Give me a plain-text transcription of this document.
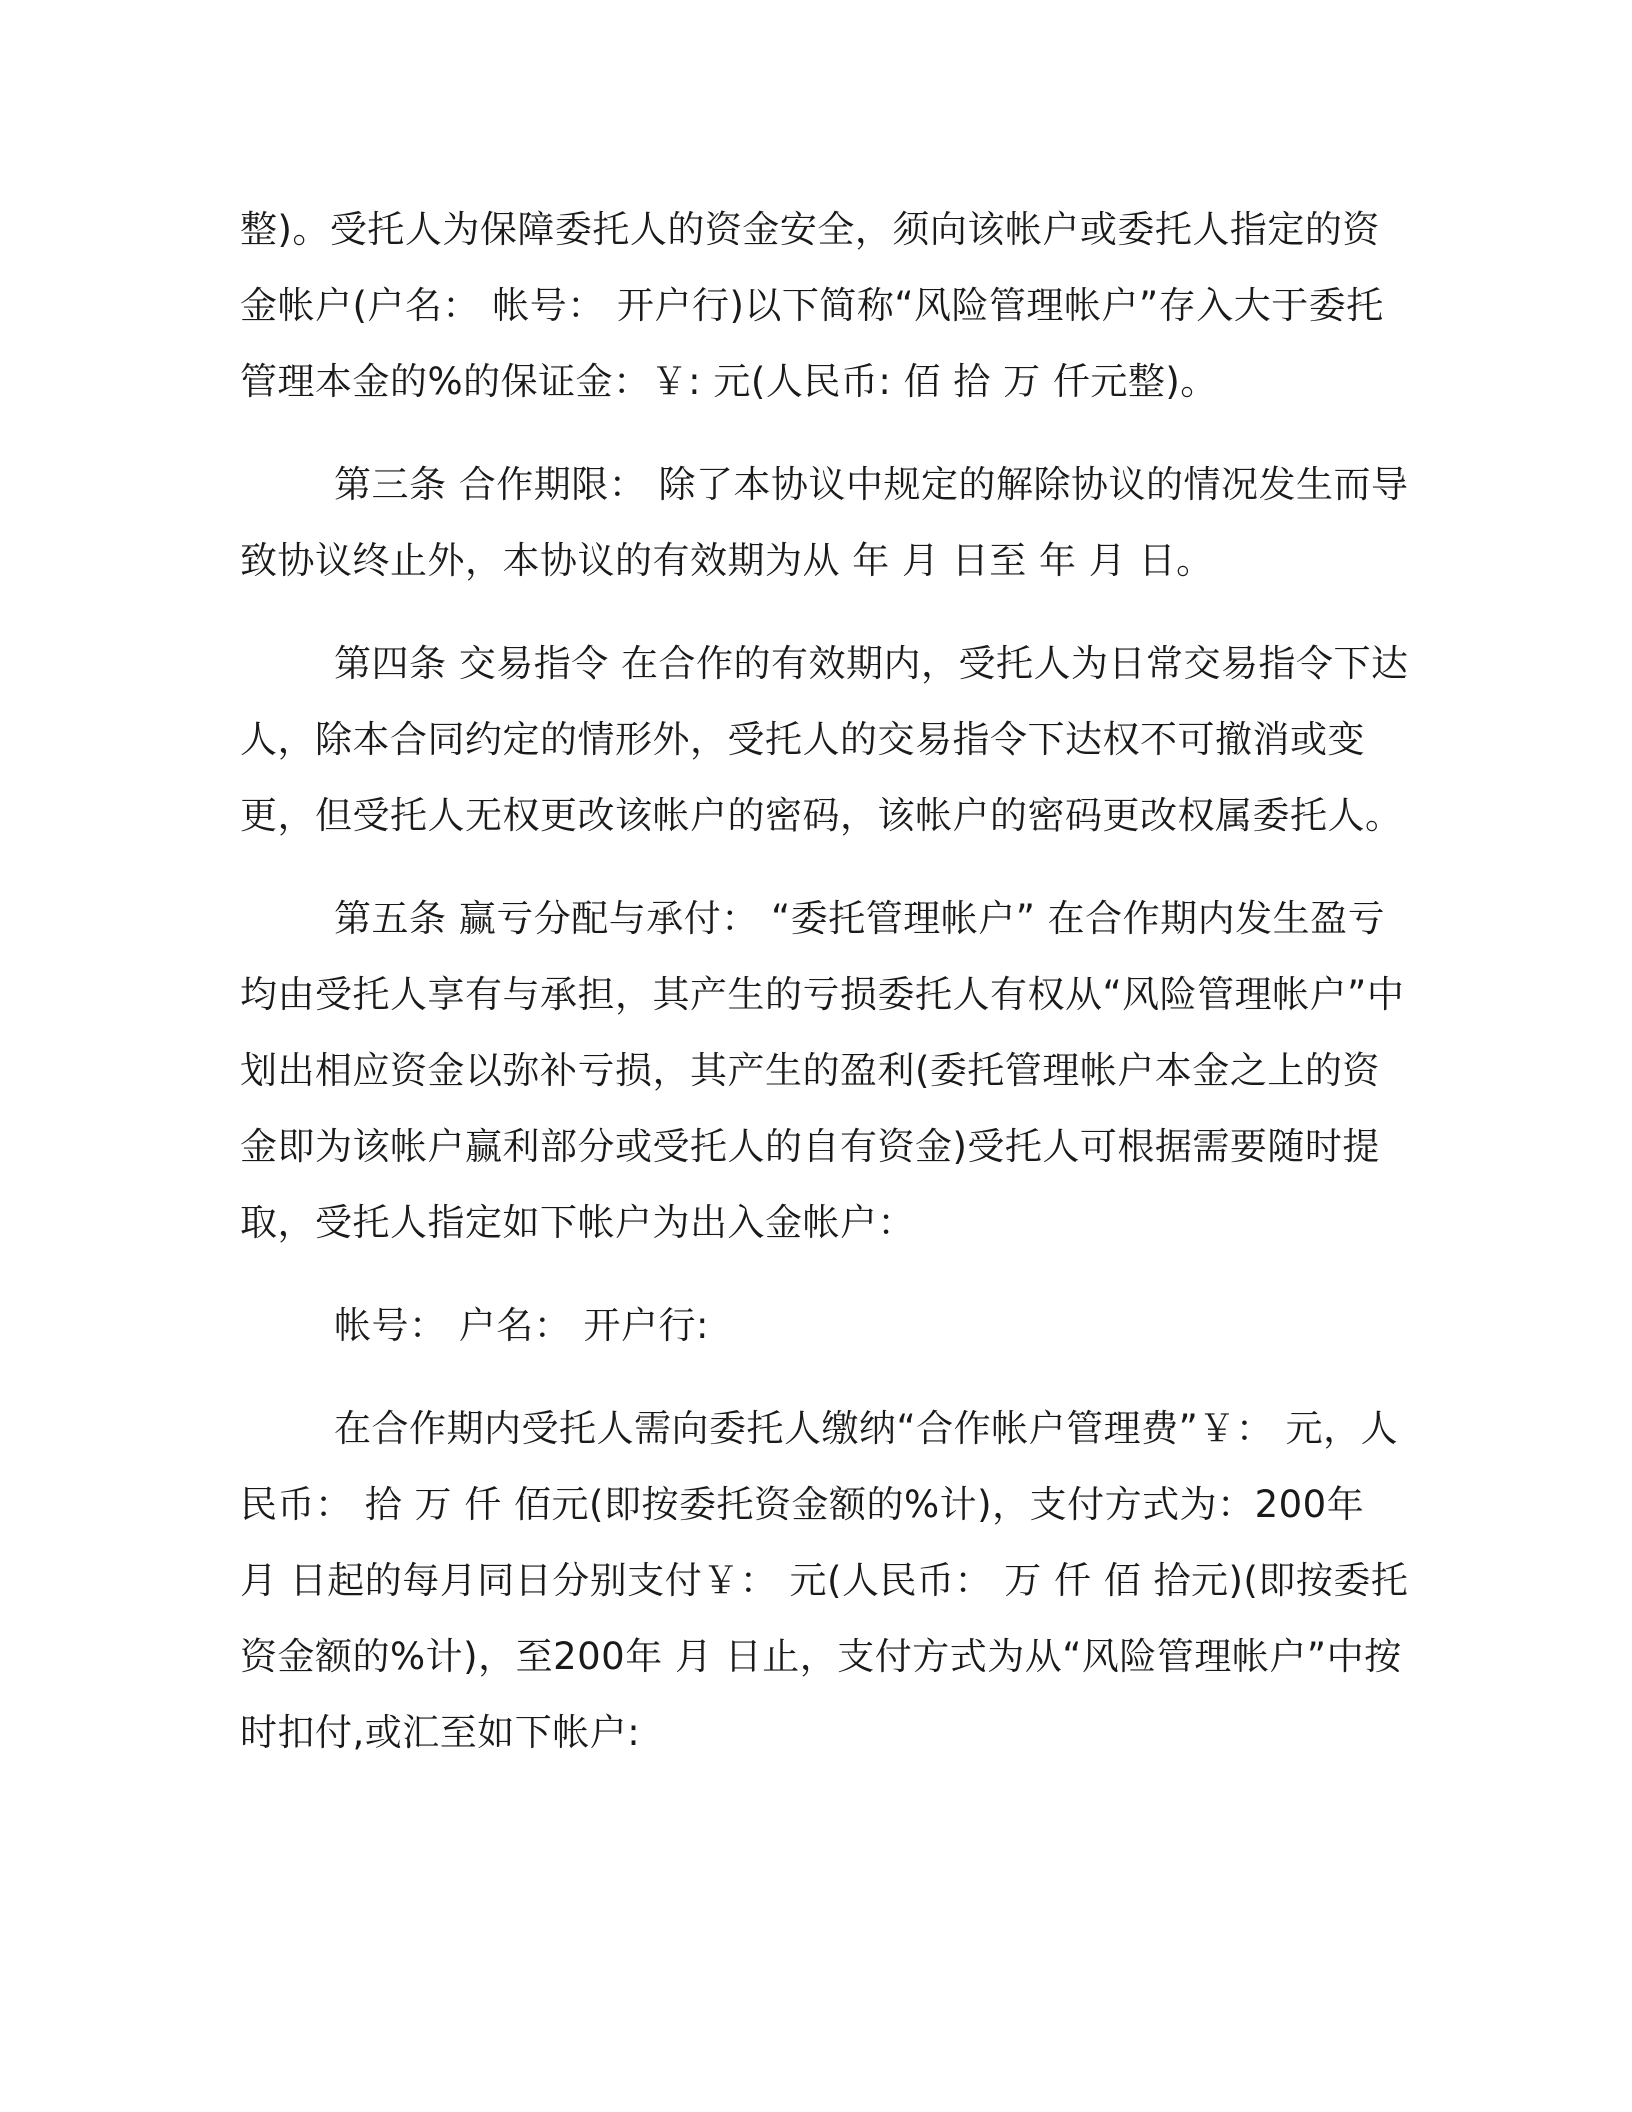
整)。受托人为保障委托人的资金安全，须向该帐户或委托人指定的资金帐户(户名： 帐号： 开户行)以下简称“风险管理帐户”存入大于委托管理本金的%的保证金：￥: 元(人民币: 佰 拾 万 仟元整)。

第三条 合作期限： 除了本协议中规定的解除协议的情况发生而导致协议终止外，本协议的有效期为从 年 月 日至 年 月 日。

第四条 交易指令 在合作的有效期内，受托人为日常交易指令下达人，除本合同约定的情形外，受托人的交易指令下达权不可撤消或变更，但受托人无权更改该帐户的密码，该帐户的密码更改权属委托人。

第五条 赢亏分配与承付： “委托管理帐户” 在合作期内发生盈亏均由受托人享有与承担，其产生的亏损委托人有权从“风险管理帐户”中划出相应资金以弥补亏损，其产生的盈利(委托管理帐户本金之上的资金即为该帐户赢利部分或受托人的自有资金)受托人可根据需要随时提取，受托人指定如下帐户为出入金帐户：

帐号： 户名： 开户行:

在合作期内受托人需向委托人缴纳“合作帐户管理费”￥： 元，人民币： 拾 万 仟 佰元(即按委托资金额的%计)，支付方式为：200年 月 日起的每月同日分别支付￥： 元(人民币： 万 仟 佰 拾元)(即按委托资金额的%计)，至200年 月 日止，支付方式为从“风险管理帐户”中按时扣付,或汇至如下帐户:
